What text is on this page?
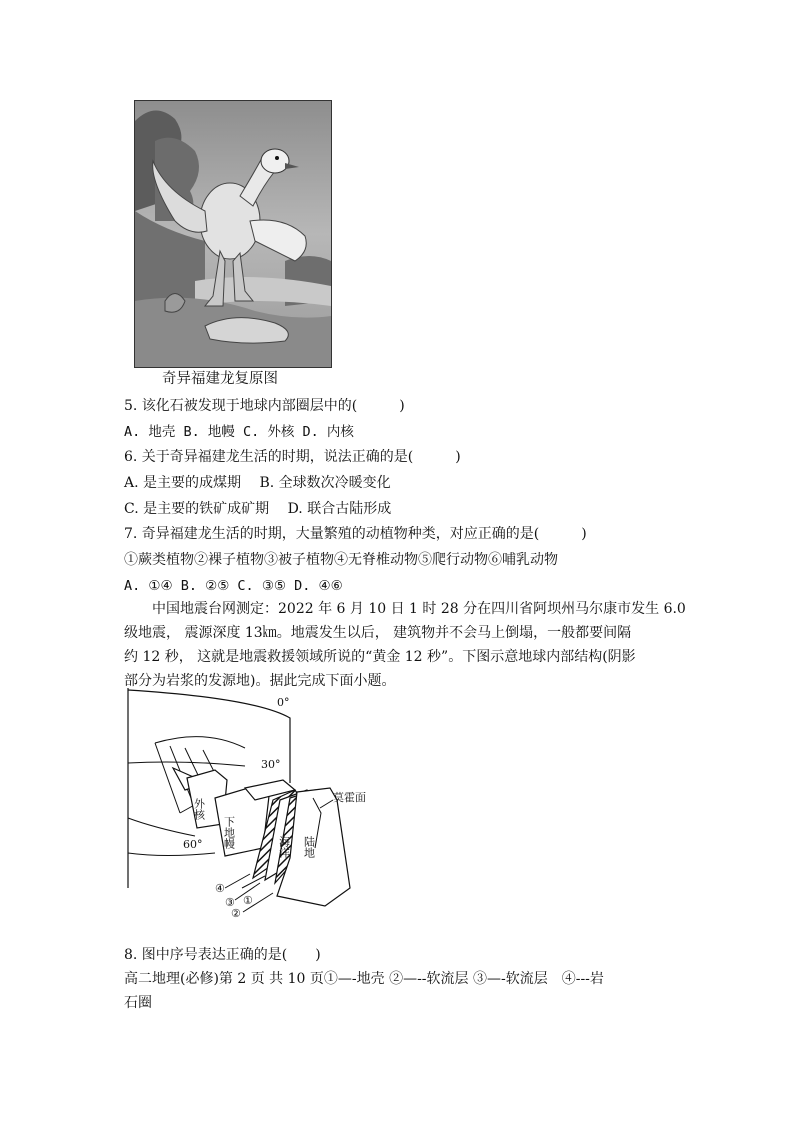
奇异福建龙复原图
5. 该化石被发现于地球内部圈层中的(　　　)
A. 地壳 B. 地幔 C. 外核 D. 内核
6. 关于奇异福建龙生活的时期，说法正确的是(　　　)
A. 是主要的成煤期　 B. 全球数次冷暖变化
C. 是主要的铁矿成矿期　 D. 联合古陆形成
7. 奇异福建龙生活的时期，大量繁殖的动植物种类，对应正确的是(　　　)
①蕨类植物②裸子植物③被子植物④无脊椎动物⑤爬行动物⑥哺乳动物
A. ①④ B. ②⑤ C. ③⑤ D. ④⑥
中国地震台网测定：2022 年 6 月 10 日 1 时 28 分在四川省阿坝州马尔康市发生 6.0
级地震， 震源深度 13㎞。地震发生以后， 建筑物并不会马上倒塌，一般都要间隔
约 12 秒， 这就是地震救援领域所说的“黄金 12 秒”。下图示意地球内部结构(阴影
部分为岩浆的发源地)。据此完成下面小题。
0°
30°
60°
莫霍面
外核
下地幔	海洋 陆地
④
③
②
①
8. 图中序号表达正确的是(　　)
高二地理(必修)第 2 页 共 10 页①—-地壳 ②—--软流层 ③—-软流层　④---岩
石圈
